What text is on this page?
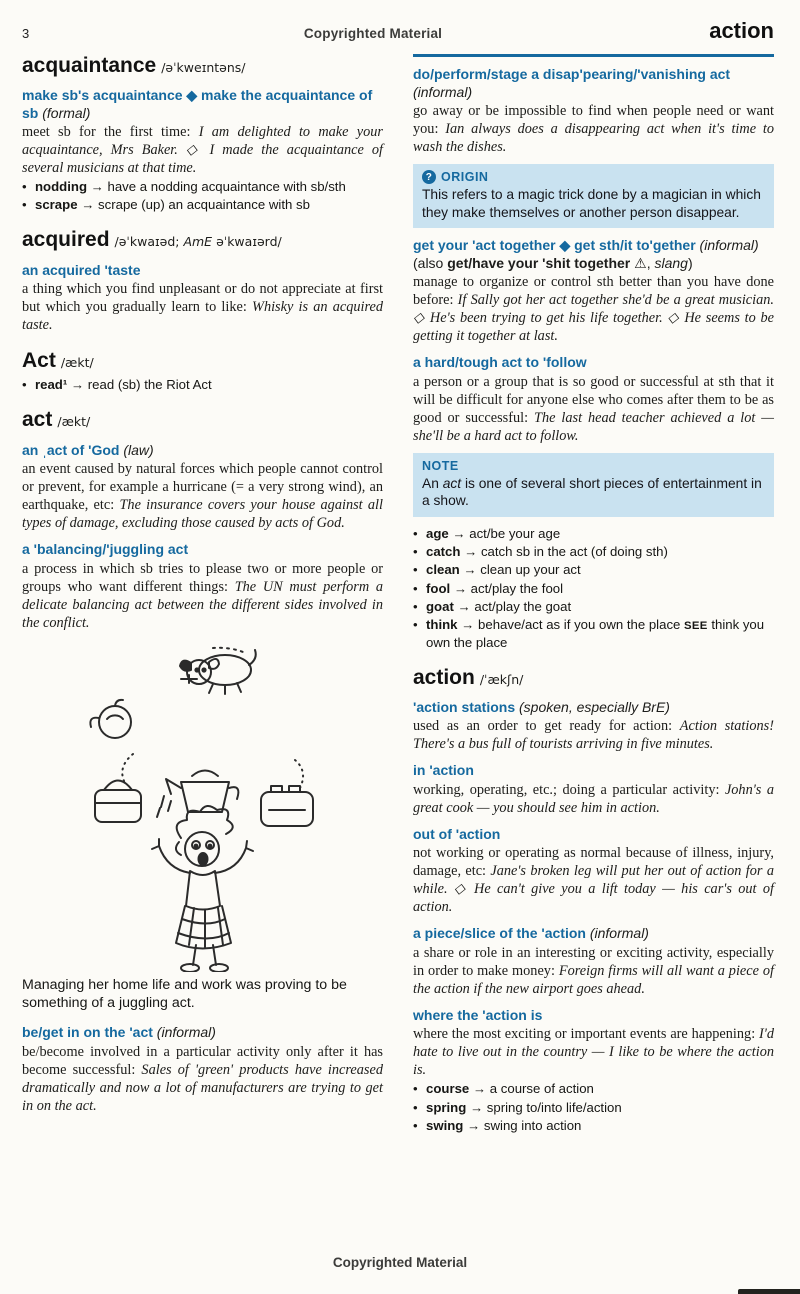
3	Copyrighted Material	action
acquaintance /əˈkweɪntəns/
make sb's acquaintance ◆ make the acquaintance of sb (formal)

meet sb for the first time: I am delighted to make your acquaintance, Mrs Baker. ◇ I made the acquaintance of several musicians at that time.

• nodding → have a nodding acquaintance with sb/sth
• scrape → scrape (up) an acquaintance with sb
acquired /əˈkwaɪəd; AmE əˈkwaɪərd/
an acquired 'taste

a thing which you find unpleasant or do not appreciate at first but which you gradually learn to like: Whisky is an acquired taste.

Act /ækt/
• read¹ → read (sb) the Riot Act
act /ækt/
an ˌact of 'God (law)

an event caused by natural forces which people cannot control or prevent, for example a hurricane (= a very strong wind), an earthquake, etc: The insurance covers your house against all types of damage, excluding those caused by acts of God.

a 'balancing/'juggling act

a process in which sb tries to please two or more people or groups who want different things: The UN must perform a delicate balancing act between the different sides involved in the conflict.

Managing her home life and work was proving to be something of a juggling act.
be/get in on the 'act (informal)

be/become involved in a particular activity only after it has become successful: Sales of 'green' products have increased dramatically and now a lot of manufacturers are trying to get in on the act.

do/perform/stage a disap'pearing/'vanishing act (informal)

go away or be impossible to find when people need or want you: Ian always does a disappearing act when it's time to wash the dishes.

? ORIGIN
This refers to a magic trick done by a magician in which they make themselves or another person disappear.
get your 'act together ◆ get sth/it to'gether (informal) (also get/have your 'shit together ⚠, slang)

manage to organize or control sth better than you have done before: If Sally got her act together she'd be a great musician. ◇ He's been trying to get his life together. ◇ He seems to be getting it together at last.

a hard/tough act to 'follow

a person or a group that is so good or successful at sth that it will be difficult for anyone else who comes after them to be as good or successful: The last head teacher achieved a lot — she'll be a hard act to follow.

NOTE
An act is one of several short pieces of entertainment in a show.
• age → act/be your age
• catch → catch sb in the act (of doing sth)
• clean → clean up your act
• fool → act/play the fool
• goat → act/play the goat
• think → behave/act as if you own the place SEE think you own the place
action /ˈækʃn/
'action stations (spoken, especially BrE)

used as an order to get ready for action: Action stations! There's a bus full of tourists arriving in five minutes.

in 'action

working, operating, etc.; doing a particular activity: John's a great cook — you should see him in action.

out of 'action

not working or operating as normal because of illness, injury, damage, etc: Jane's broken leg will put her out of action for a while. ◇ He can't give you a lift today — his car's out of action.

a piece/slice of the 'action (informal)

a share or role in an interesting or exciting activity, especially in order to make money: Foreign firms will all want a piece of the action if the new airport goes ahead.

where the 'action is

where the most exciting or important events are happening: I'd hate to live out in the country — I like to be where the action is.

• course → a course of action
• spring → spring to/into life/action
• swing → swing into action
Copyrighted Material
